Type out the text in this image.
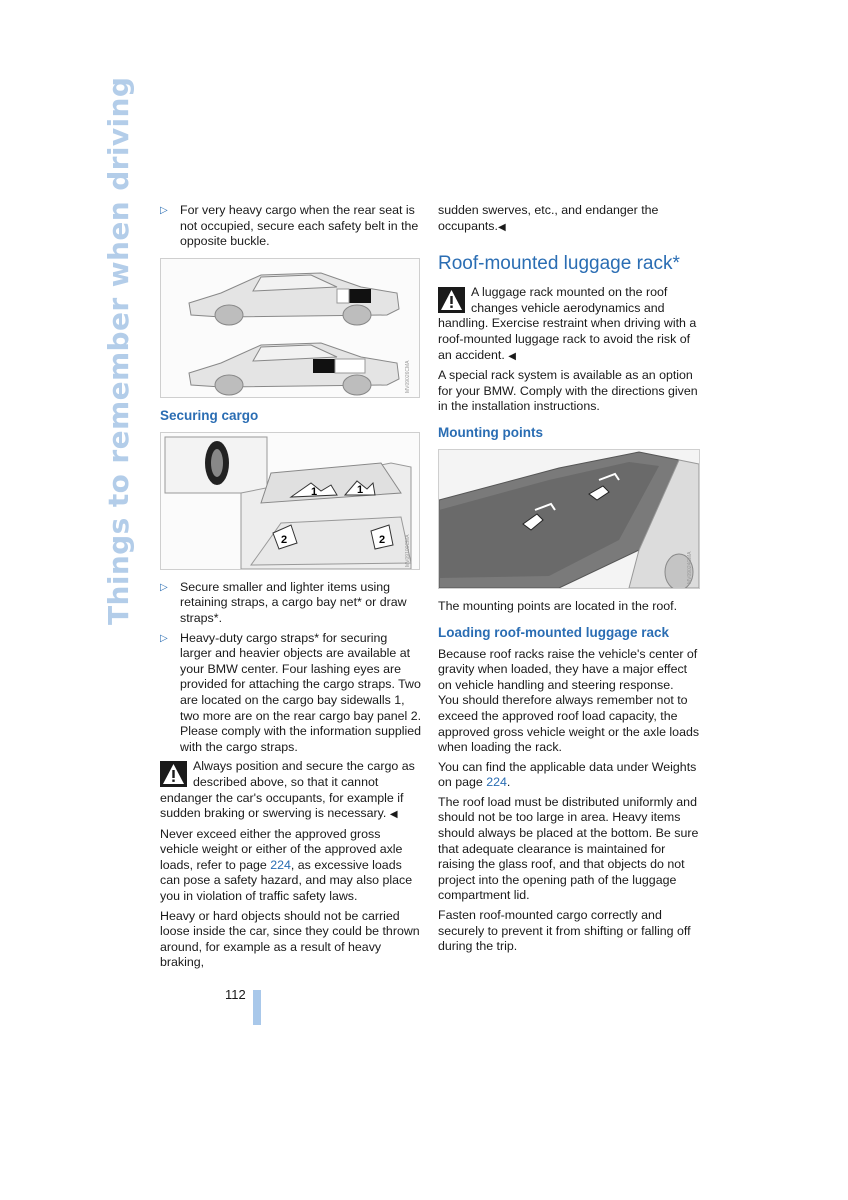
Things to remember when driving	▷ For very heavy cargo when the rear seat is not occupied, secure each safety belt in the opposite buckle.
MV09026CMA
Securing cargo
1	1
2	2	MV09100CMA
▷ Secure smaller and lighter items using retaining straps, a cargo bay net* or draw straps*.
▷ Heavy-duty cargo straps* for securing larger and heavier objects are available at your BMW center. Four lashing eyes are provided for attaching the cargo straps. Two are located on the cargo bay sidewalls 1, two more are on the rear cargo bay panel 2.
Please comply with the information supplied with the cargo straps.
Always position and secure the cargo as described above, so that it cannot endanger the car's occupants, for example if sudden braking or swerving is necessary. ◀

Never exceed either the approved gross vehicle weight or either of the approved axle loads, refer to page 224, as excessive loads can pose a safety hazard, and may also place you in violation of traffic safety laws.

Heavy or hard objects should not be carried loose inside the car, since they could be thrown around, for example as a result of heavy braking,

sudden swerves, etc., and endanger the occupants.◀

Roof-mounted luggage rack*
A luggage rack mounted on the roof changes vehicle aerodynamics and handling. Exercise restraint when driving with a roof-mounted luggage rack to avoid the risk of an accident. ◀

A special rack system is available as an option for your BMW. Comply with the directions given in the installation instructions.

Mounting points
MV09024CMA

The mounting points are located in the roof.

Loading roof-mounted luggage rack

Because roof racks raise the vehicle's center of gravity when loaded, they have a major effect on vehicle handling and steering response.

You should therefore always remember not to exceed the approved roof load capacity, the approved gross vehicle weight or the axle loads when loading the rack.

You can find the applicable data under Weights on page 224.

The roof load must be distributed uniformly and should not be too large in area. Heavy items should always be placed at the bottom. Be sure that adequate clearance is maintained for raising the glass roof, and that objects do not project into the opening path of the luggage compartment lid.

Fasten roof-mounted cargo correctly and securely to prevent it from shifting or falling off during the trip.

112
